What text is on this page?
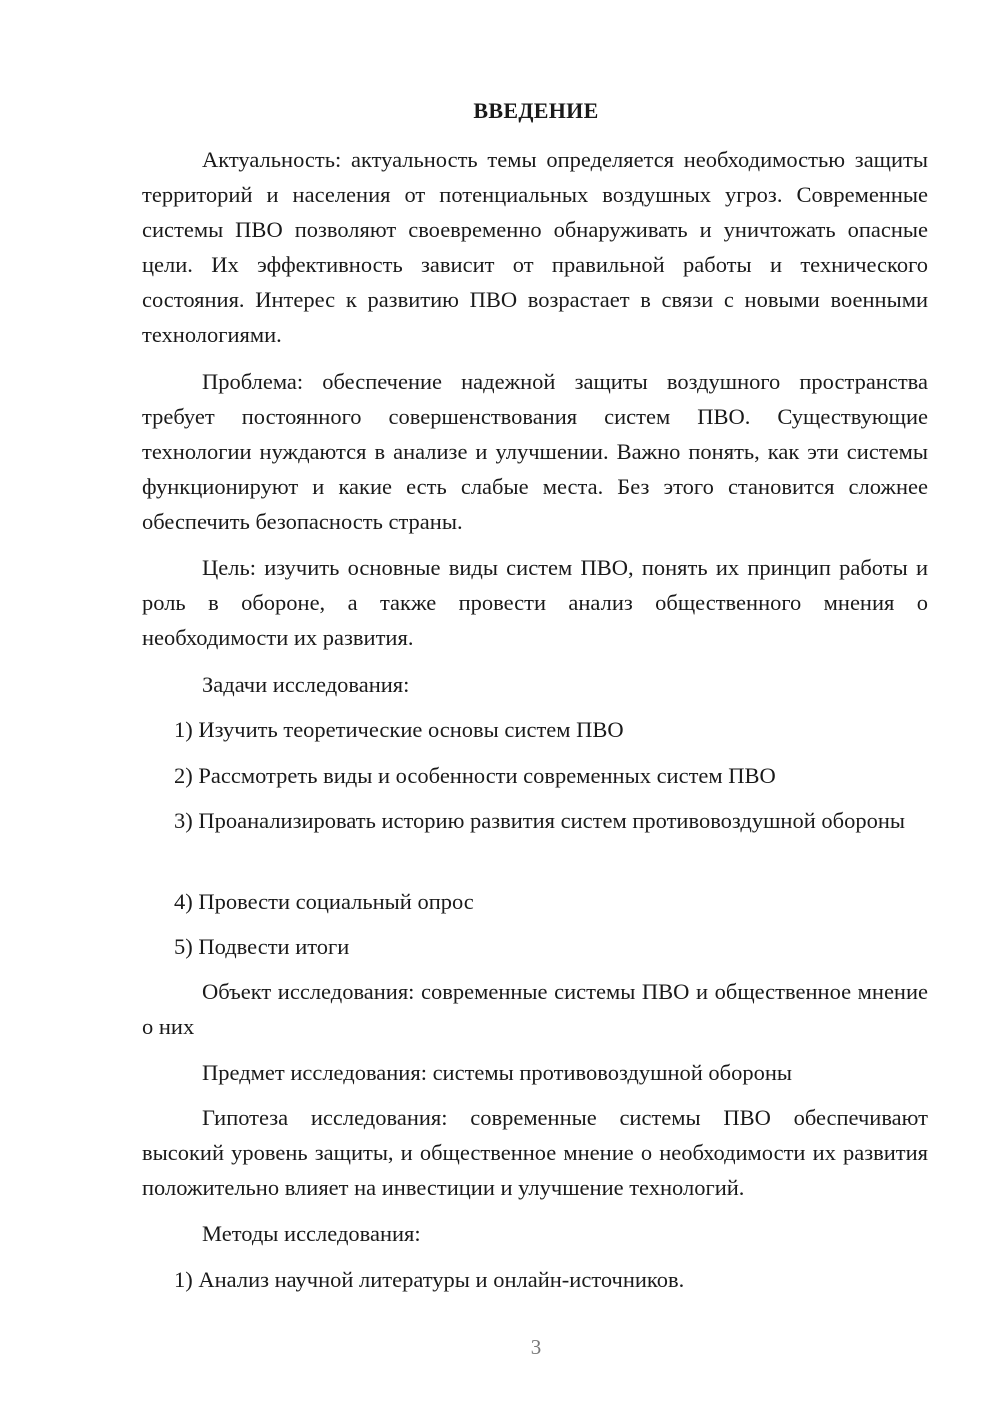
ВВЕДЕНИЕ

Актуальность: актуальность темы определяется необходимостью защиты территорий и населения от потенциальных воздушных угроз. Современные системы ПВО позволяют своевременно обнаруживать и уничтожать опасные цели. Их эффективность зависит от правильной работы и технического состояния. Интерес к развитию ПВО возрастает в связи с новыми военными технологиями.

Проблема: обеспечение надежной защиты воздушного пространства требует постоянного совершенствования систем ПВО. Существующие технологии нуждаются в анализе и улучшении. Важно понять, как эти системы функционируют и какие есть слабые места. Без этого становится сложнее обеспечить безопасность страны.

Цель: изучить основные виды систем ПВО, понять их принцип работы и роль в обороне, а также провести анализ общественного мнения о необходимости их развития.

Задачи исследования:

1) Изучить теоретические основы систем ПВО

2) Рассмотреть виды и особенности современных систем ПВО

3) Проанализировать историю развития систем противовоздушной обороны

4) Провести социальный опрос

5) Подвести итоги

Объект исследования: современные системы ПВО и общественное мнение о них

Предмет исследования: системы противовоздушной обороны

Гипотеза исследования: современные системы ПВО обеспечивают высокий уровень защиты, и общественное мнение о необходимости их развития положительно влияет на инвестиции и улучшение технологий.

Методы исследования:

1) Анализ научной литературы и онлайн-источников.

3
